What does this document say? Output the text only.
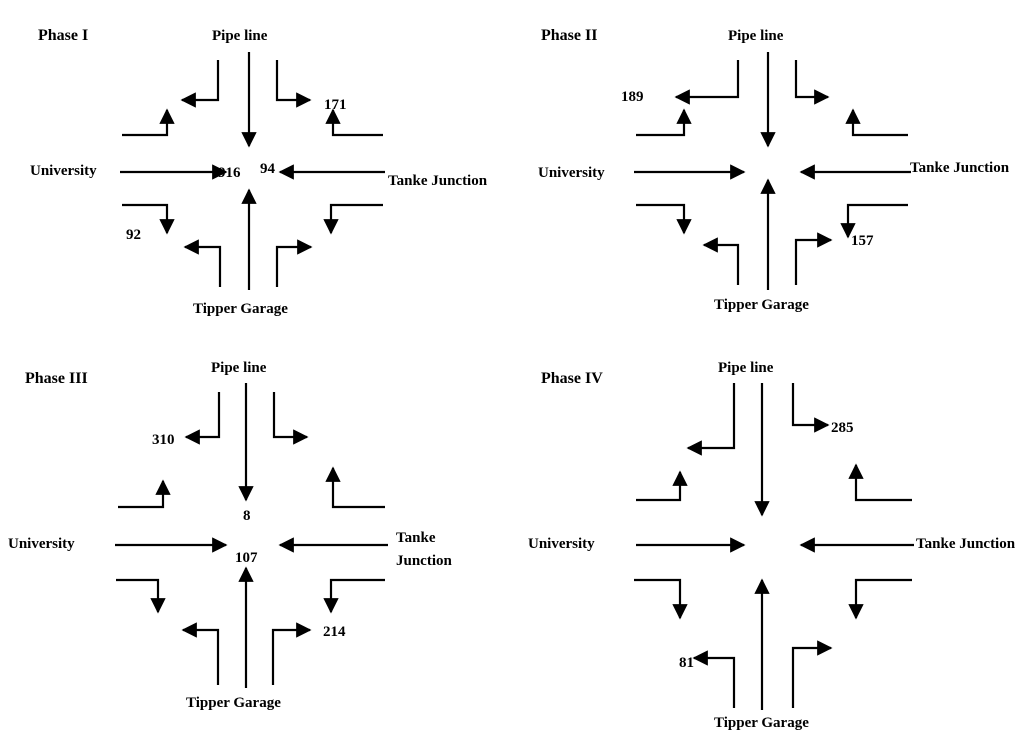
Phase I	Pipe line
University
Tanke Junction
Tipper Garage
171
916 94
92
Phase II	Pipe line
University	Tanke Junction
Tipper Garage
189
157
Phase III
Pipe line
University	Tanke
Junction
Tipper Garage
310
8
107
214
Phase IV
Pipe line
University	Tanke Junction
Tipper Garage
285
81
